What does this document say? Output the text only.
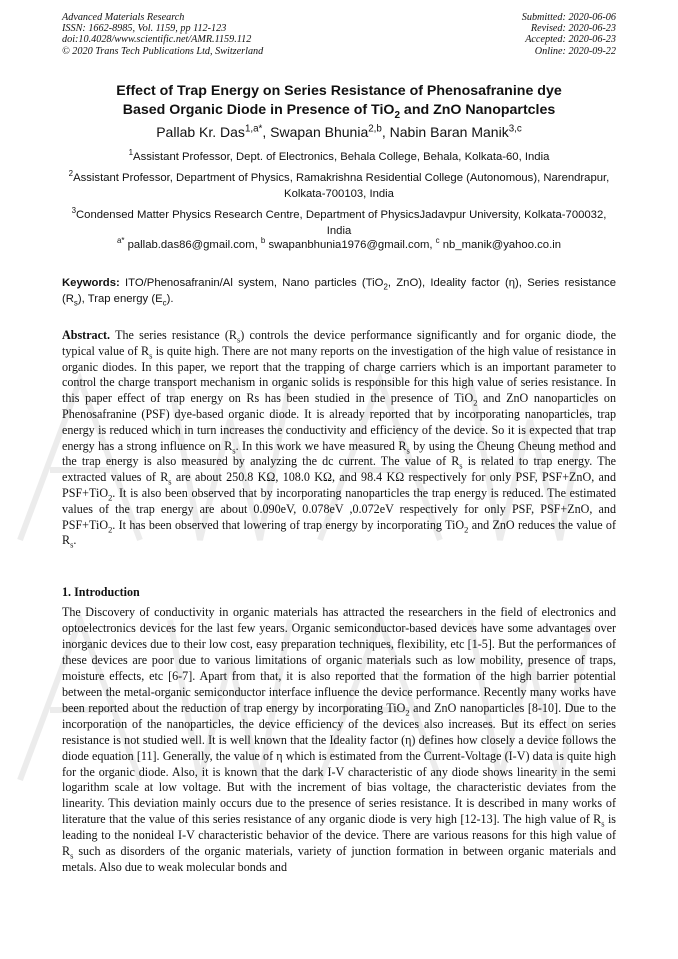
Advanced Materials Research
ISSN: 1662-8985, Vol. 1159, pp 112-123
doi:10.4028/www.scientific.net/AMR.1159.112
© 2020 Trans Tech Publications Ltd, Switzerland
Submitted: 2020-06-06
Revised: 2020-06-23
Accepted: 2020-06-23
Online: 2020-09-22
Effect of Trap Energy on Series Resistance of Phenosafranine dye
Based Organic Diode in Presence of TiO$_2$ and ZnO Nanopartcles
Pallab Kr. Das$^{1,a*}$, Swapan Bhunia$^{2,b}$, Nabin Baran Manik$^{3,c}$
$^1$Assistant Professor, Dept. of Electronics, Behala College, Behala, Kolkata-60, India
$^2$Assistant Professor, Department of Physics, Ramakrishna Residential College (Autonomous), Narendrapur, Kolkata-700103, India
$^3$Condensed Matter Physics Research Centre, Department of PhysicsJadavpur University, Kolkata-700032, India
$^{a*}$ pallab.das86@gmail.com, $^b$ swapanbhunia1976@gmail.com, $^c$ nb_manik@yahoo.co.in
Keywords: ITO/Phenosafranin/Al system, Nano particles (TiO$_2$, ZnO), Ideality factor (η), Series resistance $(R_s)$, Trap energy $(E_c)$.
Abstract. The series resistance $(R_s)$ controls the device performance significantly and for organic diode, the typical value of $R_s$ is quite high. There are not many reports on the investigation of the high value of resistance in organic diodes. In this paper, we report that the trapping of charge carriers which is an important parameter to control the charge transport mechanism in organic solids is responsible for this high value of series resistance. In this paper effect of trap energy on Rs has been studied in the presence of TiO$_2$ and ZnO nanoparticles on Phenosafranine (PSF) dye-based organic diode. It is already reported that by incorporating nanoparticles, trap energy is reduced which in turn increases the conductivity and efficiency of the device. So it is expected that trap energy has a strong influence on $R_s$. In this work we have measured $R_s$ by using the Cheung Cheung method and the trap energy is also measured by analyzing the dc current. The value of $R_s$ is related to trap energy. The extracted values of $R_s$ are about 250.8 KΩ, 108.0 KΩ, and 98.4 KΩ respectively for only PSF, PSF+ZnO, and PSF+TiO$_2$. It is also been observed that by incorporating nanoparticles the trap energy is reduced. The estimated values of the trap energy are about 0.090eV, 0.078eV ,0.072eV respectively for only PSF, PSF+ZnO, and PSF+TiO$_2$. It has been observed that lowering of trap energy by incorporating TiO$_2$ and ZnO reduces the value of $R_s$.
1. Introduction
The Discovery of conductivity in organic materials has attracted the researchers in the field of electronics and optoelectronics devices for the last few years. Organic semiconductor-based devices have some advantages over inorganic devices due to their low cost, easy preparation techniques, flexibility, etc [1-5]. But the performances of these devices are poor due to various limitations of organic materials such as low mobility, presence of traps, moisture effects, etc [6-7]. Apart from that, it is also reported that the formation of the high barrier potential between the metal-organic semiconductor interface influence the device performance. Recently many works have been reported about the reduction of trap energy by incorporating TiO$_2$ and ZnO nanoparticles [8-10]. Due to the incorporation of the nanoparticles, the device efficiency of the devices also increases. But its effect on series resistance is not studied well. It is well known that the Ideality factor (η) defines how closely a device follows the diode equation [11]. Generally, the value of η which is estimated from the Current-Voltage (I-V) data is quite high for the organic diode. Also, it is known that the dark I-V characteristic of any diode shows linearity in the semi logarithm scale at low voltage. But with the increment of bias voltage, the characteristic deviates from the linearity. This deviation mainly occurs due to the presence of series resistance. It is described in many works of literature that the value of this series resistance of any organic diode is very high [12-13]. The high value of $R_s$ is leading to the nonideal I-V characteristic behavior of the device. There are various reasons for this high value of $R_s$ such as disorders of the organic materials, variety of junction formation in between organic materials and metals. Also due to weak molecular bonds and
